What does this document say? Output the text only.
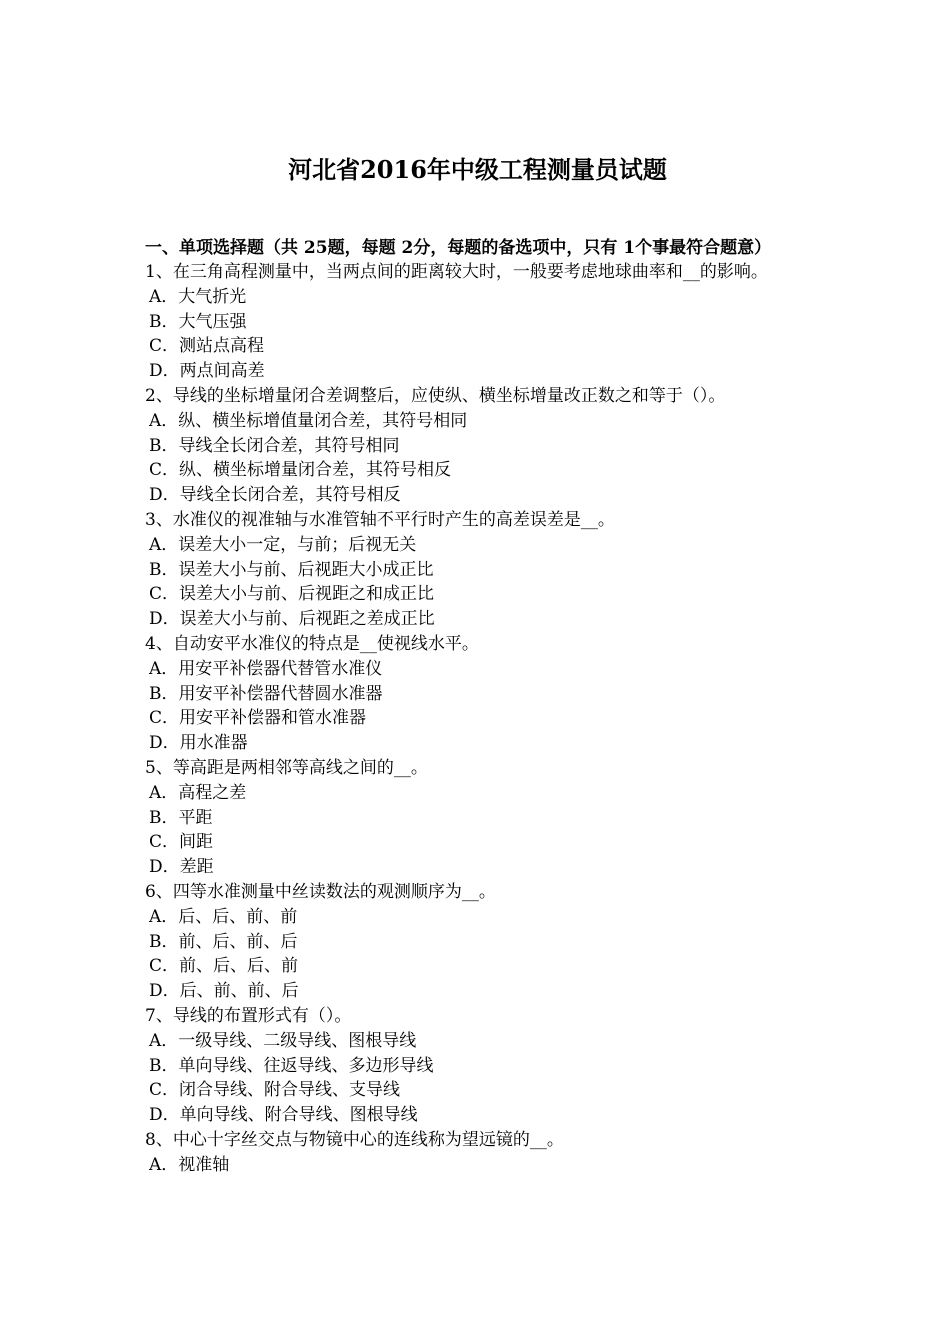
河北省2016年中级工程测量员试题
一、单项选择题（共 25题，每题 2分，每题的备选项中，只有 1个事最符合题意）
1、在三角高程测量中，当两点间的距离较大时，一般要考虑地球曲率和__的影响。
A．大气折光
B．大气压强
C．测站点高程
D．两点间高差
2、导线的坐标增量闭合差调整后，应使纵、横坐标增量改正数之和等于（）。
A．纵、横坐标增值量闭合差，其符号相同
B．导线全长闭合差，其符号相同
C．纵、横坐标增量闭合差，其符号相反
D．导线全长闭合差，其符号相反
3、水准仪的视准轴与水准管轴不平行时产生的高差误差是__。
A．误差大小一定，与前；后视无关
B．误差大小与前、后视距大小成正比
C．误差大小与前、后视距之和成正比
D．误差大小与前、后视距之差成正比
4、自动安平水准仪的特点是__使视线水平。
A．用安平补偿器代替管水准仪
B．用安平补偿器代替圆水准器
C．用安平补偿器和管水准器
D．用水准器
5、等高距是两相邻等高线之间的__。
A．高程之差
B．平距
C．间距
D．差距
6、四等水准测量中丝读数法的观测顺序为__。
A．后、后、前、前
B．前、后、前、后
C．前、后、后、前
D．后、前、前、后
7、导线的布置形式有（）。
A．一级导线、二级导线、图根导线
B．单向导线、往返导线、多边形导线
C．闭合导线、附合导线、支导线
D．单向导线、附合导线、图根导线
8、中心十字丝交点与物镜中心的连线称为望远镜的__。
A．视准轴
